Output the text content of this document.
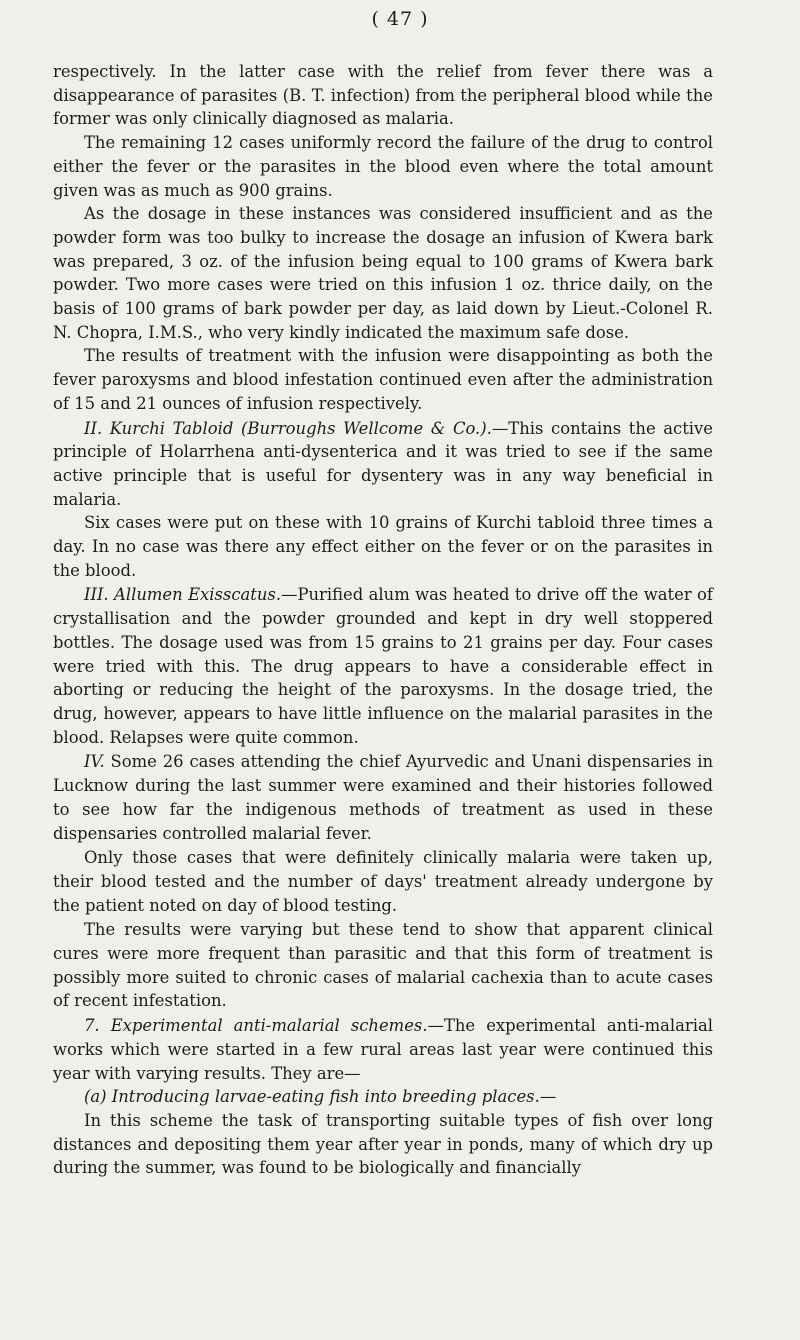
( 47 )

respectively. In the latter case with the relief from fever there was a disappearance of parasites (B. T. infection) from the peripheral blood while the former was only clinically diagnosed as malaria.

The remaining 12 cases uniformly record the failure of the drug to control either the fever or the parasites in the blood even where the total amount given was as much as 900 grains.

As the dosage in these instances was considered insufficient and as the powder form was too bulky to increase the dosage an infusion of Kwera bark was prepared, 3 oz. of the infusion being equal to 100 grams of Kwera bark powder. Two more cases were tried on this infusion 1 oz. thrice daily, on the basis of 100 grams of bark powder per day, as laid down by Lieut.-Colonel R. N. Chopra, I.M.S., who very kindly indicated the maximum safe dose.

The results of treatment with the infusion were disappointing as both the fever paroxysms and blood infestation continued even after the administration of 15 and 21 ounces of infusion respectively.

II. Kurchi Tabloid (Burroughs Wellcome & Co.).—This contains the active principle of Holarrhena anti-dysenterica and it was tried to see if the same active principle that is useful for dysentery was in any way beneficial in malaria.

Six cases were put on these with 10 grains of Kurchi tabloid three times a day. In no case was there any effect either on the fever or on the parasites in the blood.

III. Allumen Exisscatus.—Purified alum was heated to drive off the water of crystallisation and the powder grounded and kept in dry well stoppered bottles. The dosage used was from 15 grains to 21 grains per day. Four cases were tried with this. The drug appears to have a considerable effect in aborting or reducing the height of the paroxysms. In the dosage tried, the drug, however, appears to have little influence on the malarial parasites in the blood. Relapses were quite common.

IV. Some 26 cases attending the chief Ayurvedic and Unani dispensaries in Lucknow during the last summer were examined and their histories followed to see how far the indigenous methods of treatment as used in these dispensaries controlled malarial fever.

Only those cases that were definitely clinically malaria were taken up, their blood tested and the number of days' treatment already undergone by the patient noted on day of blood testing.

The results were varying but these tend to show that apparent clinical cures were more frequent than parasitic and that this form of treatment is possibly more suited to chronic cases of malarial cachexia than to acute cases of recent infestation.

7. Experimental anti-malarial schemes.—The experimental anti-malarial works which were started in a few rural areas last year were continued this year with varying results. They are—

(a) Introducing larvae-eating fish into breeding places.—

In this scheme the task of transporting suitable types of fish over long distances and depositing them year after year in ponds, many of which dry up during the summer, was found to be biologically and financially
